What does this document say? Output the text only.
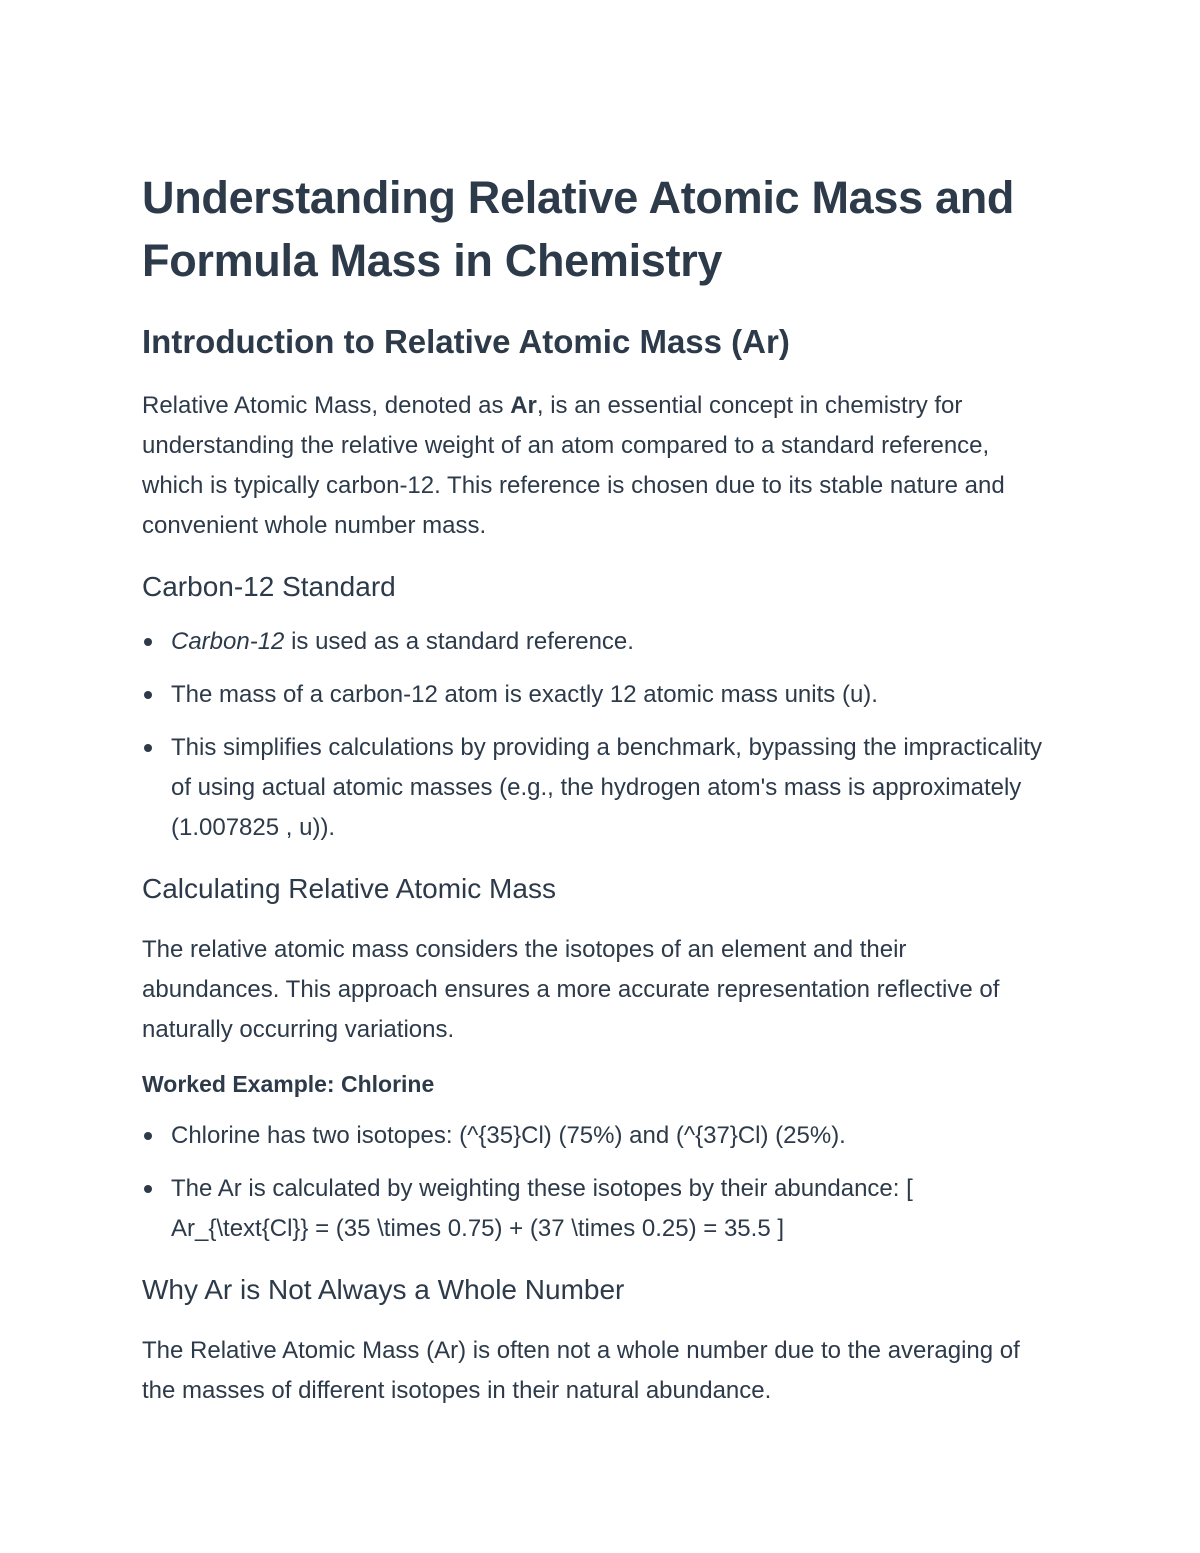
Understanding Relative Atomic Mass and Formula Mass in Chemistry
Introduction to Relative Atomic Mass (Ar)

Relative Atomic Mass, denoted as Ar, is an essential concept in chemistry for understanding the relative weight of an atom compared to a standard reference, which is typically carbon-12. This reference is chosen due to its stable nature and convenient whole number mass.

Carbon-12 Standard
Carbon-12 is used as a standard reference.
The mass of a carbon-12 atom is exactly 12 atomic mass units (u).
This simplifies calculations by providing a benchmark, bypassing the impracticality of using actual atomic masses (e.g., the hydrogen atom's mass is approximately (1.007825 , u)).
Calculating Relative Atomic Mass

The relative atomic mass considers the isotopes of an element and their abundances. This approach ensures a more accurate representation reflective of naturally occurring variations.

Worked Example: Chlorine
Chlorine has two isotopes: (^{35}Cl) (75%) and (^{37}Cl) (25%).
The Ar is calculated by weighting these isotopes by their abundance: [ Ar_{\text{Cl}} = (35 \times 0.75) + (37 \times 0.25) = 35.5 ]
Why Ar is Not Always a Whole Number

The Relative Atomic Mass (Ar) is often not a whole number due to the averaging of the masses of different isotopes in their natural abundance.
